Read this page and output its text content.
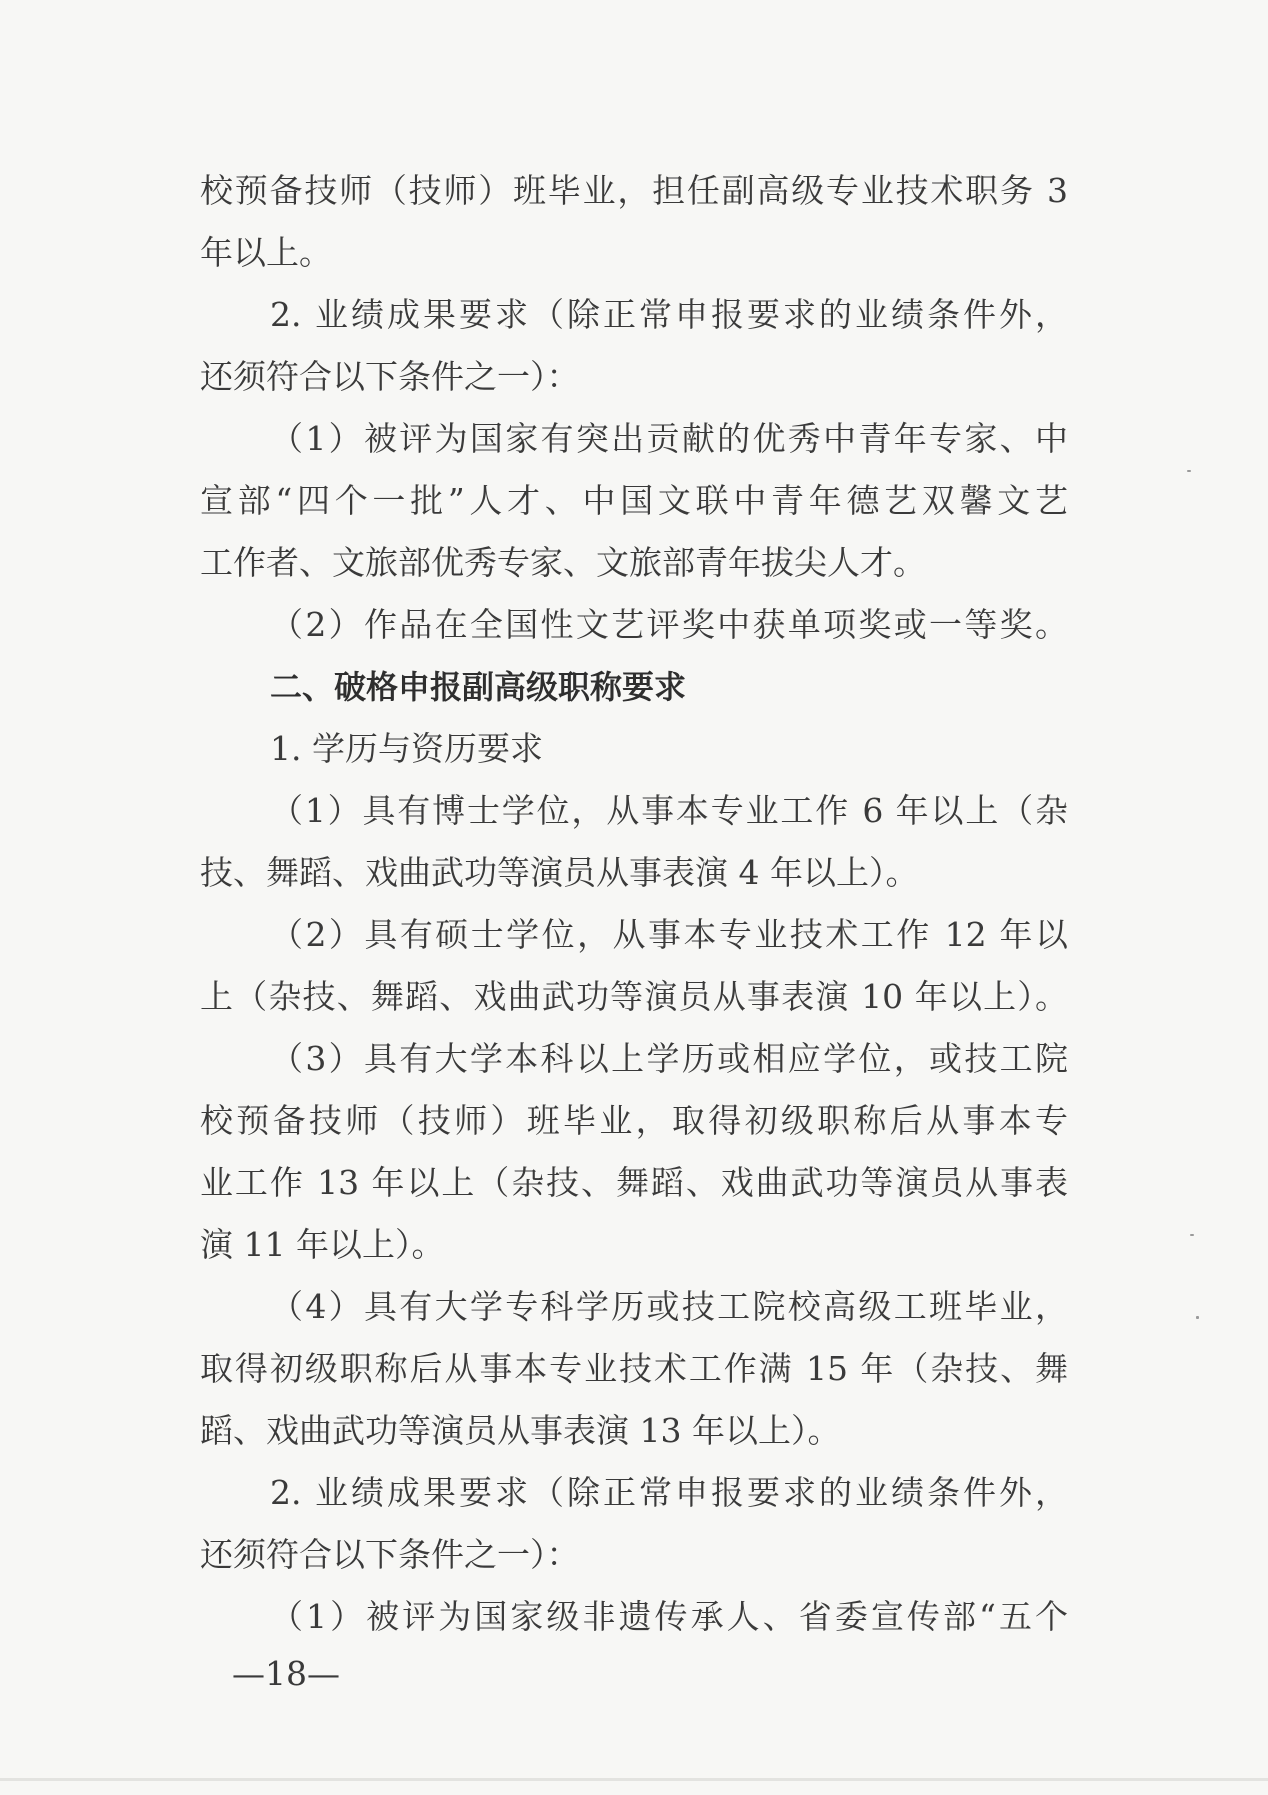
校预备技师（技师）班毕业，担任副高级专业技术职务 3
年以上。
2. 业绩成果要求（除正常申报要求的业绩条件外，
还须符合以下条件之一）：
（1）被评为国家有突出贡献的优秀中青年专家、中
宣部“四个一批”人才、中国文联中青年德艺双馨文艺
工作者、文旅部优秀专家、文旅部青年拔尖人才。
（2）作品在全国性文艺评奖中获单项奖或一等奖。
二、破格申报副高级职称要求
1. 学历与资历要求
（1）具有博士学位，从事本专业工作 6 年以上（杂
技、舞蹈、戏曲武功等演员从事表演 4 年以上）。
（2）具有硕士学位，从事本专业技术工作 12 年以
上（杂技、舞蹈、戏曲武功等演员从事表演 10 年以上）。
（3）具有大学本科以上学历或相应学位，或技工院
校预备技师（技师）班毕业，取得初级职称后从事本专
业工作 13 年以上（杂技、舞蹈、戏曲武功等演员从事表
演 11 年以上）。
（4）具有大学专科学历或技工院校高级工班毕业，
取得初级职称后从事本专业技术工作满 15 年（杂技、舞
蹈、戏曲武功等演员从事表演 13 年以上）。
2. 业绩成果要求（除正常申报要求的业绩条件外，
还须符合以下条件之一）：
（1）被评为国家级非遗传承人、省委宣传部“五个
—18—
